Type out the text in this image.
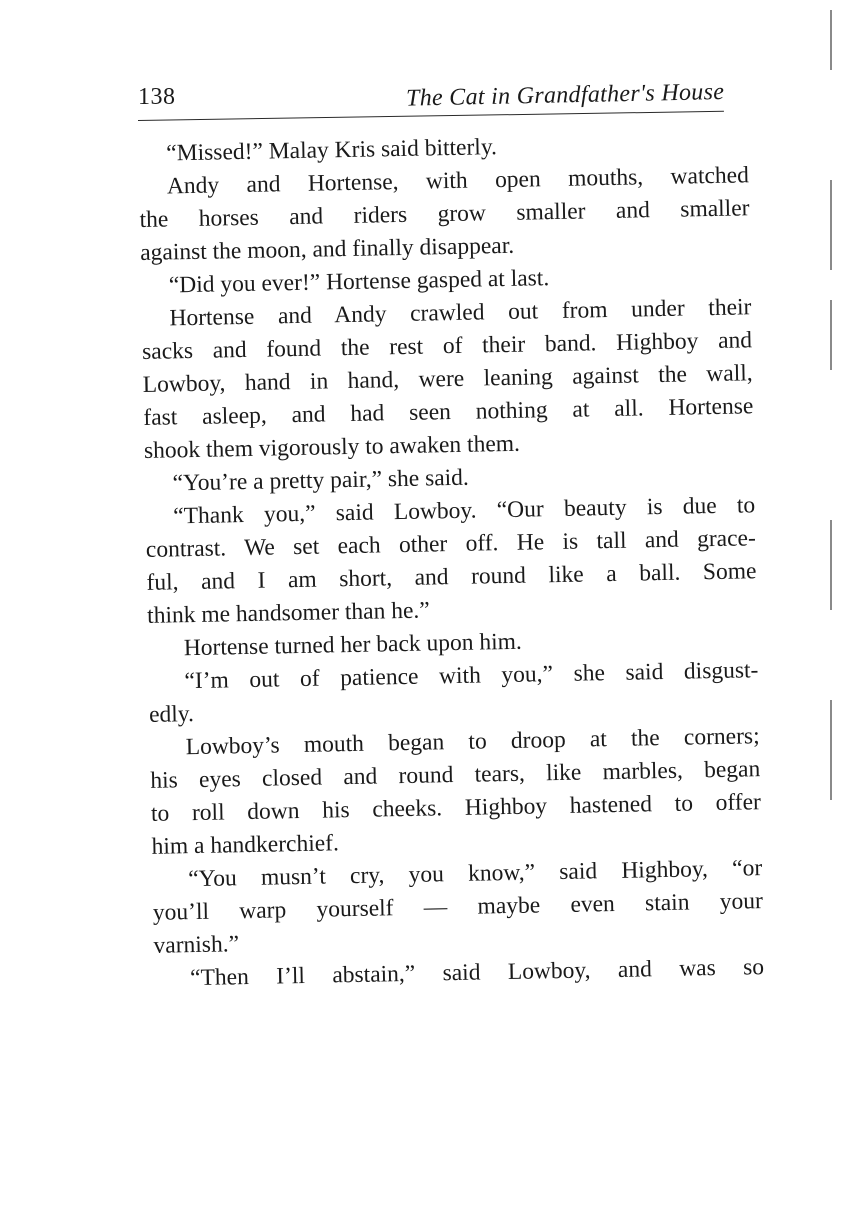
138	The Cat in Grandfather's House
“Missed!” Malay Kris said bitterly.
Andy and Hortense, with open mouths, watched
the horses and riders grow smaller and smaller
against the moon, and finally disappear.
“Did you ever!” Hortense gasped at last.
Hortense and Andy crawled out from under their
sacks and found the rest of their band. Highboy and
Lowboy, hand in hand, were leaning against the wall,
fast asleep, and had seen nothing at all. Hortense
shook them vigorously to awaken them.
“You’re a pretty pair,” she said.
“Thank you,” said Lowboy. “Our beauty is due to
contrast. We set each other off. He is tall and grace-
ful, and I am short, and round like a ball. Some
think me handsomer than he.”
Hortense turned her back upon him.
“I’m out of patience with you,” she said disgust-
edly.
Lowboy’s mouth began to droop at the corners;
his eyes closed and round tears, like marbles, began
to roll down his cheeks. Highboy hastened to offer
him a handkerchief.
“You musn’t cry, you know,” said Highboy, “or
you’ll warp yourself — maybe even stain your
varnish.”
“Then I’ll abstain,” said Lowboy, and was so
